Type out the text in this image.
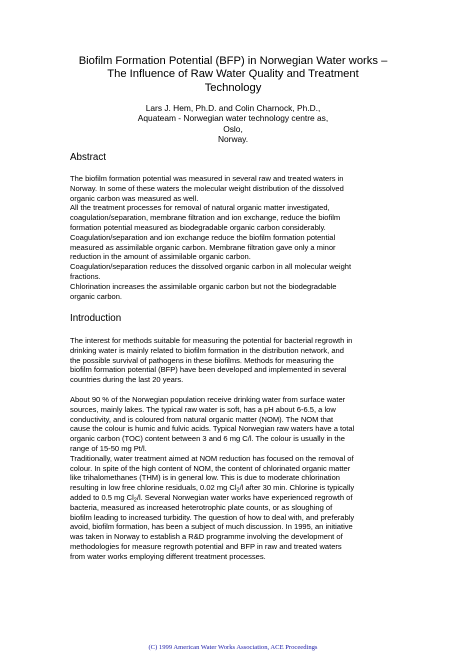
Biofilm Formation Potential (BFP) in Norwegian Water works –
The Influence of Raw Water Quality and Treatment
Technology
Lars J. Hem, Ph.D. and Colin Charnock, Ph.D.,
Aquateam - Norwegian water technology centre as,
Oslo,
Norway.
Abstract
The biofilm formation potential was measured in several raw and treated waters in
Norway. In some of these waters the molecular weight distribution of the dissolved
organic carbon was measured as well.
All the treatment processes for removal of natural organic matter investigated,
coagulation/separation, membrane filtration and ion exchange, reduce the biofilm
formation potential measured as biodegradable organic carbon considerably.
Coagulation/separation and ion exchange reduce the biofilm formation potential
measured as assimilable organic carbon. Membrane filtration gave only a minor
reduction in the amount of assimilable organic carbon.
Coagulation/separation reduces the dissolved organic carbon in all molecular weight
fractions.
Chlorination increases the assimilable organic carbon but not the biodegradable
organic carbon.
Introduction
The interest for methods suitable for measuring the potential for bacterial regrowth in
drinking water is mainly related to biofilm formation in the distribution network, and
the possible survival of pathogens in these biofilms. Methods for measuring the
biofilm formation potential (BFP) have been developed and implemented in several
countries during the last 20 years.
About 90 % of the Norwegian population receive drinking water from surface water
sources, mainly lakes. The typical raw water is soft, has a pH about 6-6.5, a low
conductivity, and is coloured from natural organic matter (NOM). The NOM that
cause the colour is humic and fulvic acids. Typical Norwegian raw waters have a total
organic carbon (TOC) content between 3 and 6 mg C/l. The colour is usually in the
range of 15-50 mg Pt/l.
Traditionally, water treatment aimed at NOM reduction has focused on the removal of
colour. In spite of the high content of NOM, the content of chlorinated organic matter
like trihalomethanes (THM) is in general low. This is due to moderate chlorination
resulting in low free chlorine residuals, 0.02 mg $Cl_2/l$ after 30 min. Chlorine is typically
added to 0.5 mg $Cl_2/l$. Several Norwegian water works have experienced regrowth of
bacteria, measured as increased heterotrophic plate counts, or as sloughing of
biofilm leading to increased turbidity. The question of how to deal with, and preferably
avoid, biofilm formation, has been a subject of much discussion. In 1995, an initiative
was taken in Norway to establish a R&D programme involving the development of
methodologies for measure regrowth potential and BFP in raw and treated waters
from water works employing different treatment processes.
(C) 1999 American Water Works Association, ACE Proceedings
